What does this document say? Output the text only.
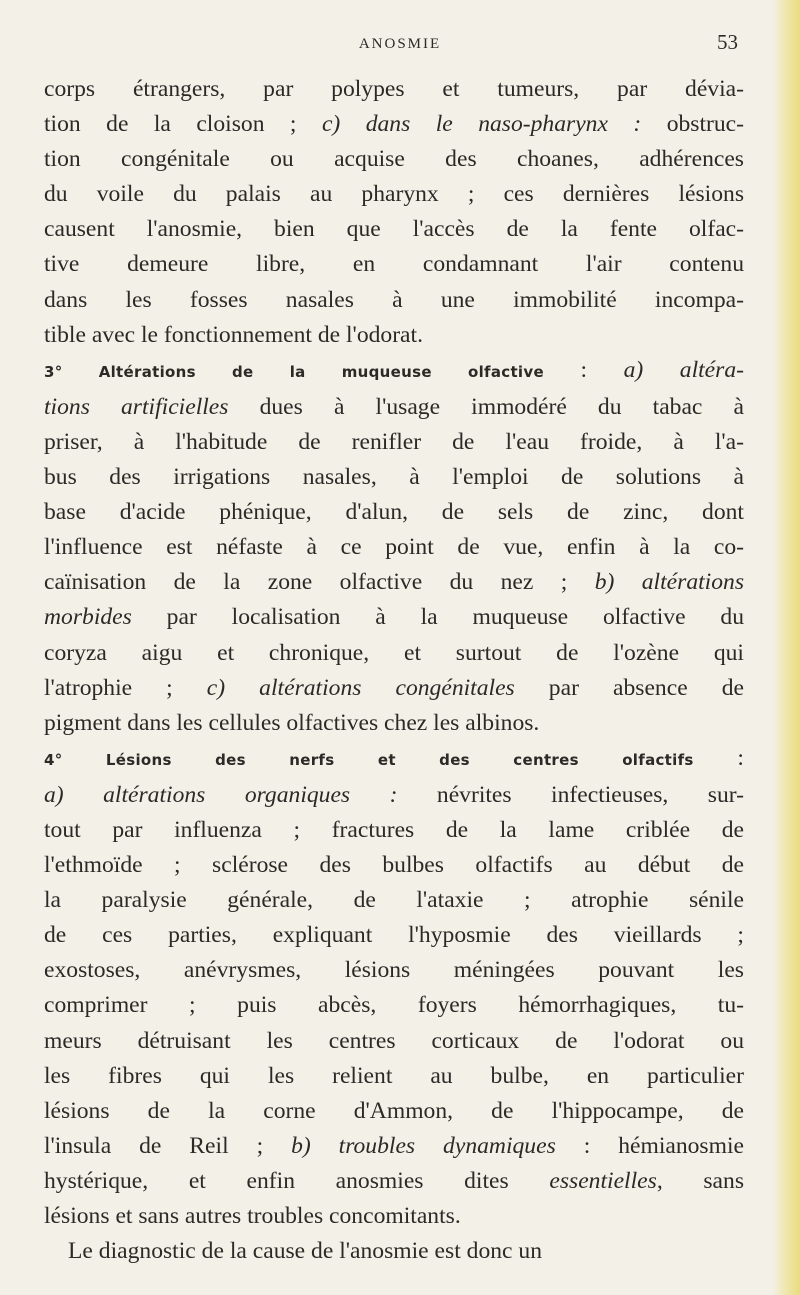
ANOSMIE	53
corps étrangers, par polypes et tumeurs, par dévia-
tion de la cloison ; c) dans le naso-pharynx : obstruc-
tion congénitale ou acquise des choanes, adhérences
du voile du palais au pharynx ; ces dernières lésions
causent l'anosmie, bien que l'accès de la fente olfac-
tive demeure libre, en condamnant l'air contenu
dans les fosses nasales à une immobilité incompa-
tible avec le fonctionnement de l'odorat.
3° Altérations de la muqueuse olfactive : a) altéra-
tions artificielles dues à l'usage immodéré du tabac à
priser, à l'habitude de renifler de l'eau froide, à l'a-
bus des irrigations nasales, à l'emploi de solutions à
base d'acide phénique, d'alun, de sels de zinc, dont
l'influence est néfaste à ce point de vue, enfin à la co-
caïnisation de la zone olfactive du nez ; b) altérations
morbides par localisation à la muqueuse olfactive du
coryza aigu et chronique, et surtout de l'ozène qui
l'atrophie ; c) altérations congénitales par absence de
pigment dans les cellules olfactives chez les albinos.
4° Lésions des nerfs et des centres olfactifs :
a) altérations organiques : névrites infectieuses, sur-
tout par influenza ; fractures de la lame criblée de
l'ethmoïde ; sclérose des bulbes olfactifs au début de
la paralysie générale, de l'ataxie ; atrophie sénile
de ces parties, expliquant l'hyposmie des vieillards ;
exostoses, anévrysmes, lésions méningées pouvant les
comprimer ; puis abcès, foyers hémorrhagiques, tu-
meurs détruisant les centres corticaux de l'odorat ou
les fibres qui les relient au bulbe, en particulier
lésions de la corne d'Ammon, de l'hippocampe, de
l'insula de Reil ; b) troubles dynamiques : hémianosmie
hystérique, et enfin anosmies dites essentielles, sans
lésions et sans autres troubles concomitants.
Le diagnostic de la cause de l'anosmie est donc un
